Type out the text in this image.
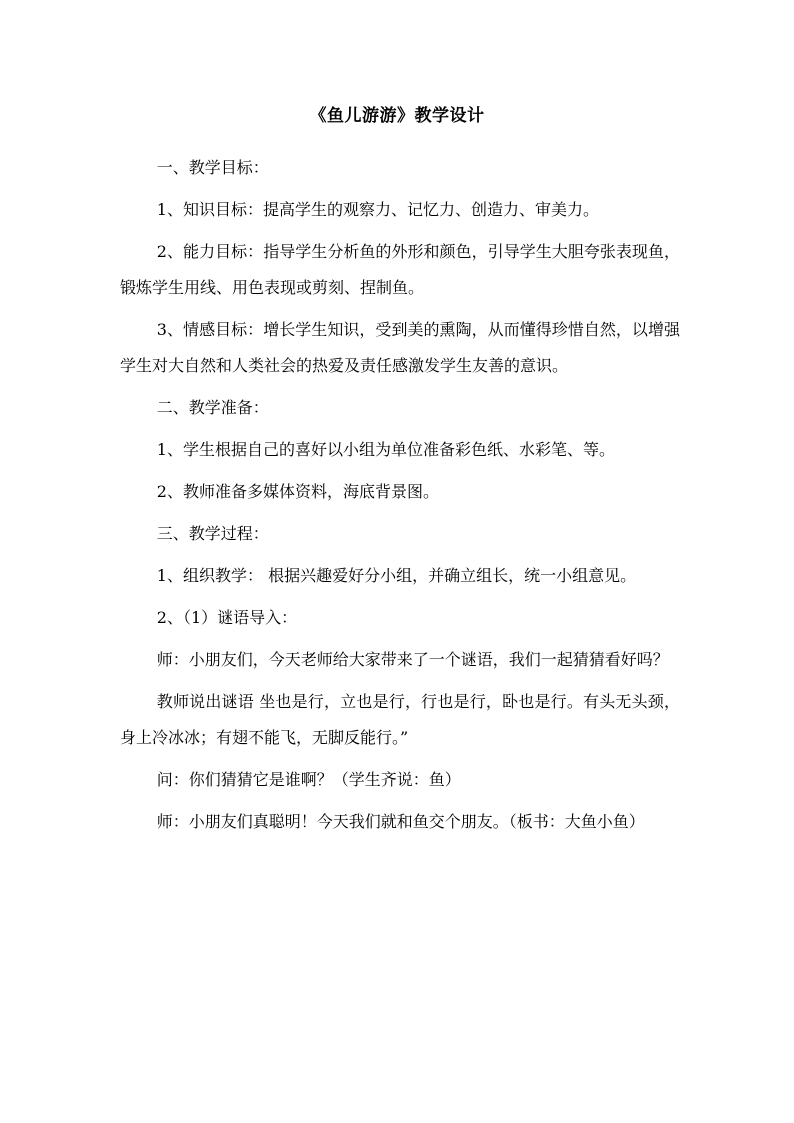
《鱼儿游游》教学设计

一、教学目标：

1、知识目标：提高学生的观察力、记忆力、创造力、审美力。

2、能力目标：指导学生分析鱼的外形和颜色，引导学生大胆夸张表现鱼，锻炼学生用线、用色表现或剪刻、捏制鱼。

3、情感目标：增长学生知识，受到美的熏陶，从而懂得珍惜自然，以增强学生对大自然和人类社会的热爱及责任感激发学生友善的意识。

二、教学准备：

1、学生根据自己的喜好以小组为单位准备彩色纸、水彩笔、等。

2、教师准备多媒体资料，海底背景图。

三、教学过程：

1、组织教学： 根据兴趣爱好分小组，并确立组长，统一小组意见。

2、（1）谜语导入：

师：小朋友们，今天老师给大家带来了一个谜语，我们一起猜猜看好吗？

教师说出谜语 坐也是行，立也是行，行也是行，卧也是行。有头无头颈，身上冷冰冰；有翅不能飞，无脚反能行。”

问：你们猜猜它是谁啊？（学生齐说：鱼）

师：小朋友们真聪明！今天我们就和鱼交个朋友。（板书：大鱼小鱼）
